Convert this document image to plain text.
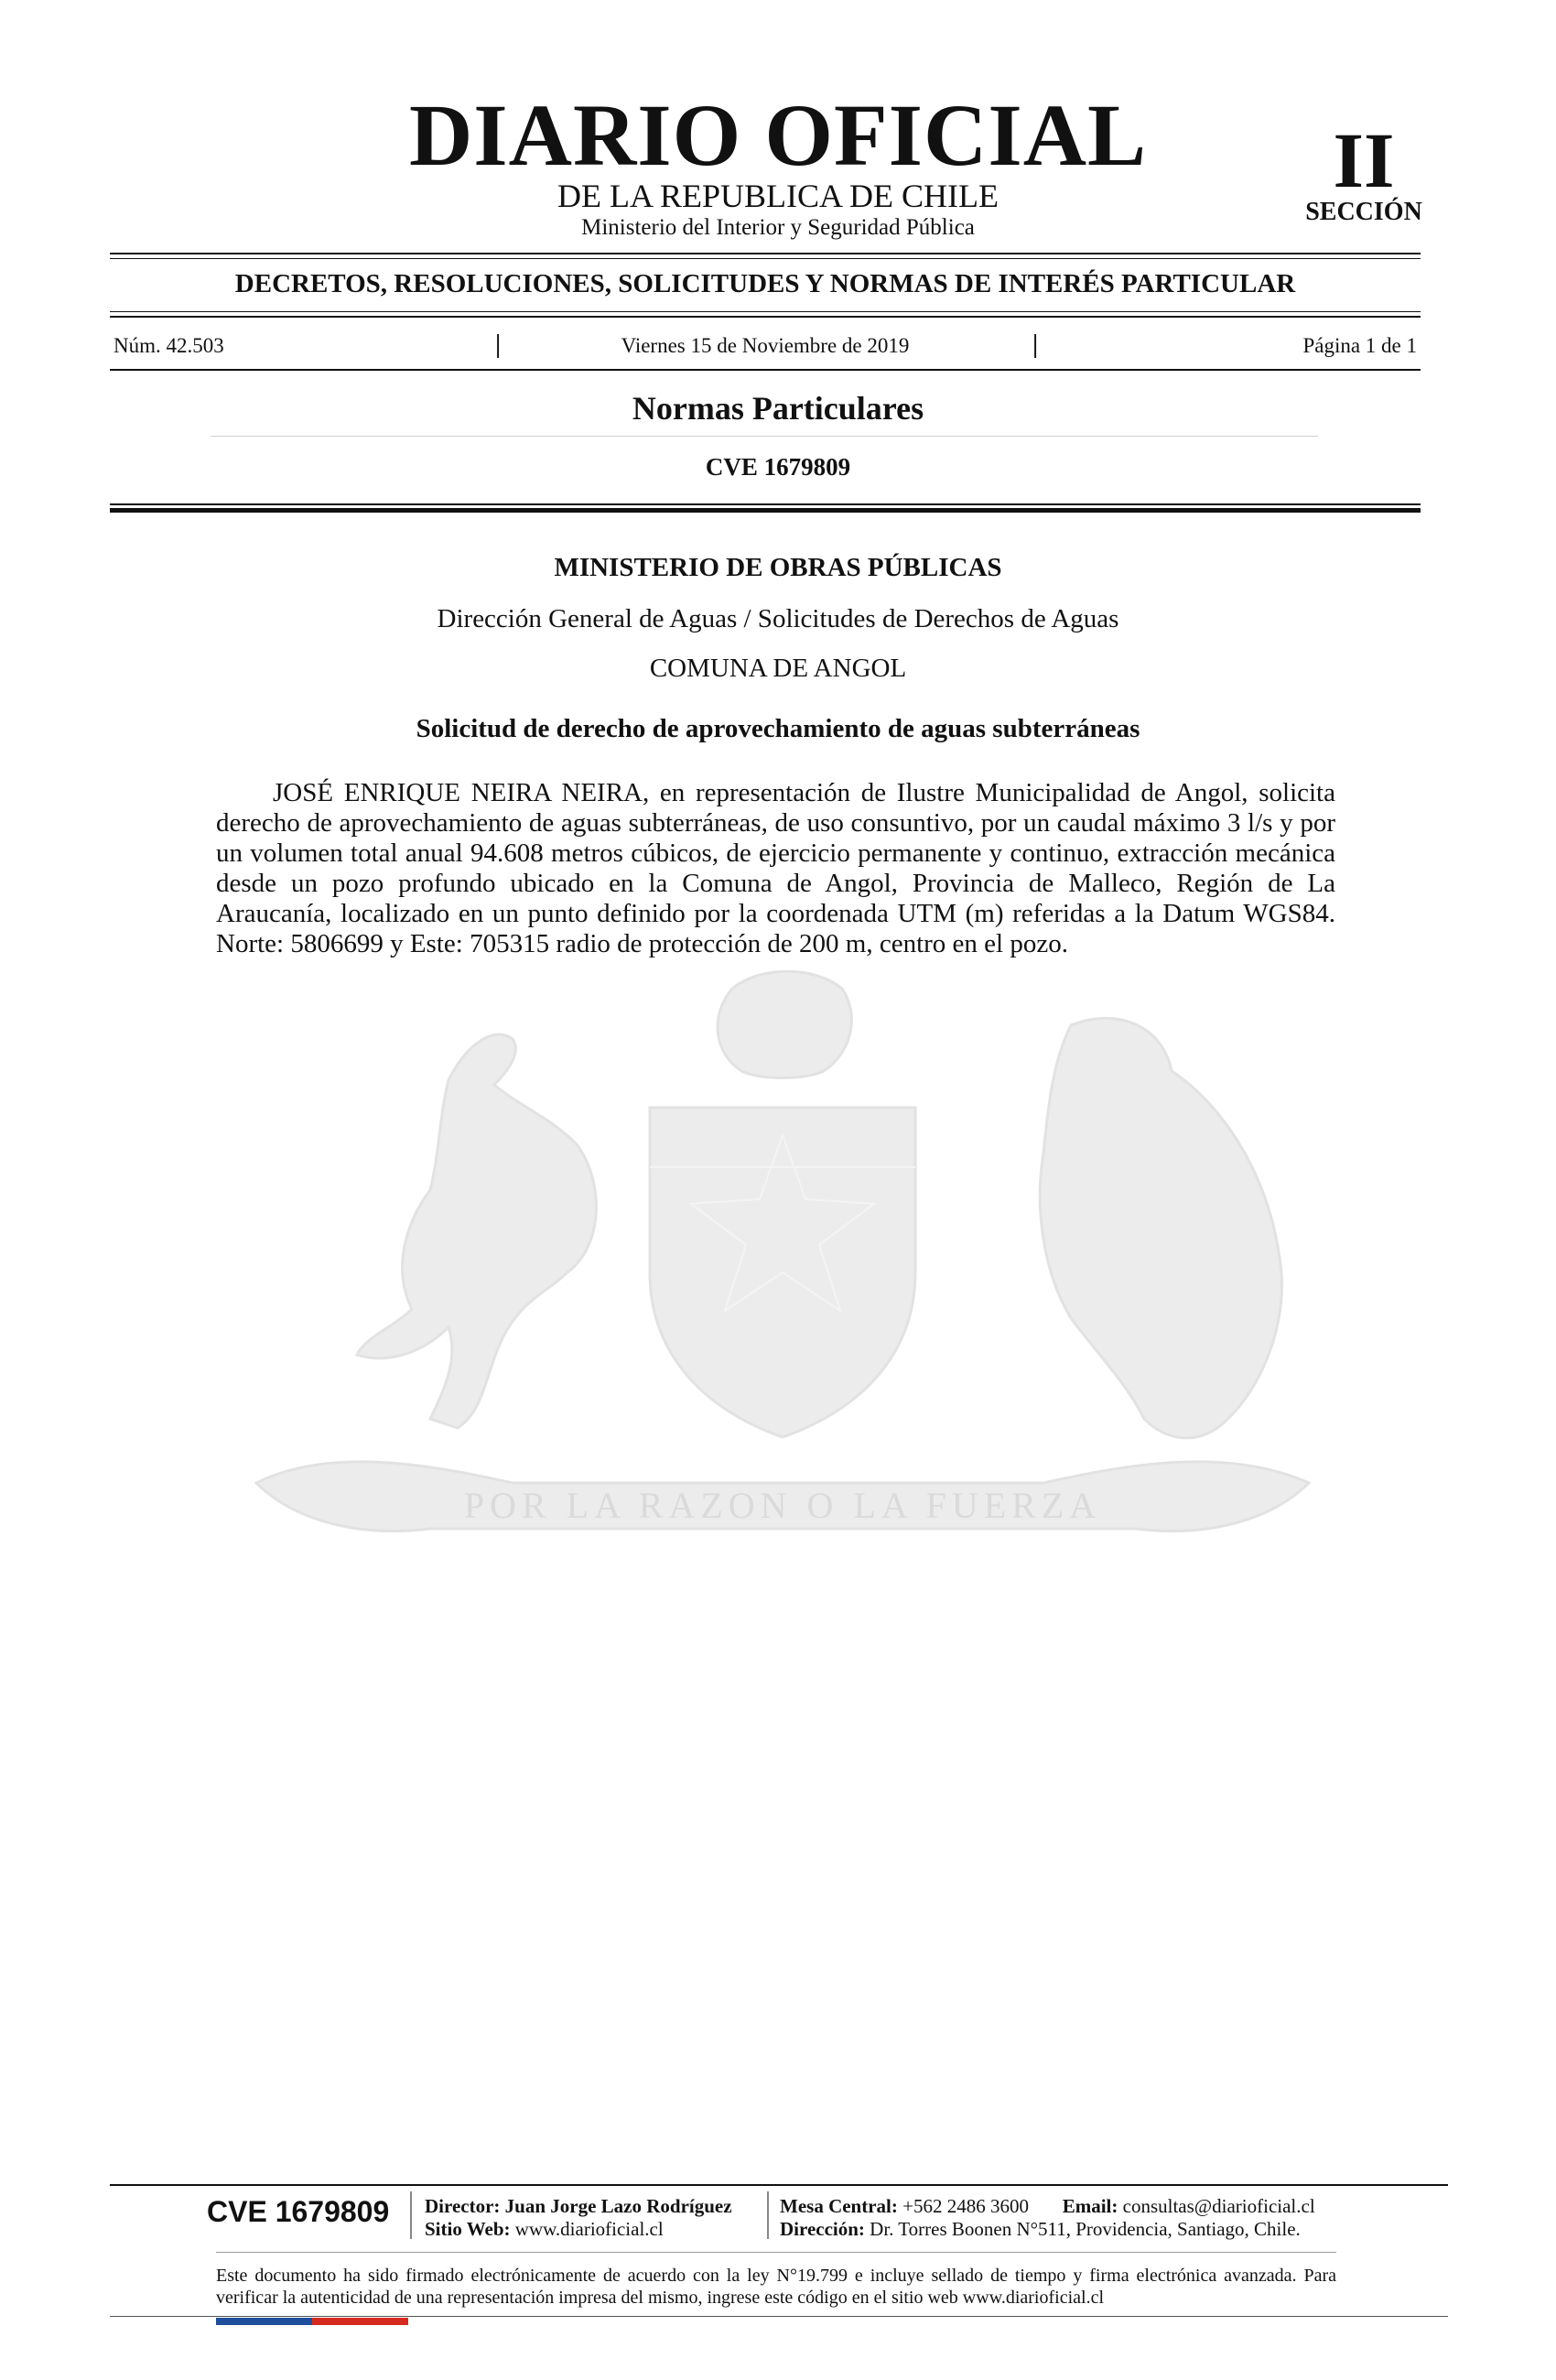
DIARIO OFICIAL
DE LA REPUBLICA DE CHILE
Ministerio del Interior y Seguridad Pública
II
SECCIÓN
DECRETOS, RESOLUCIONES, SOLICITUDES Y NORMAS DE INTERÉS PARTICULAR
Núm. 42.503	|	Viernes 15 de Noviembre de 2019	|	Página 1 de 1
Normas Particulares
CVE 1679809
POR LA RAZON O LA FUERZA
MINISTERIO DE OBRAS PÚBLICAS
Dirección General de Aguas / Solicitudes de Derechos de Aguas
COMUNA DE ANGOL
Solicitud de derecho de aprovechamiento de aguas subterráneas

JOSÉ ENRIQUE NEIRA NEIRA, en representación de Ilustre Municipalidad de Angol, solicita derecho de aprovechamiento de aguas subterráneas, de uso consuntivo, por un caudal máximo 3 l/s y por un volumen total anual 94.608 metros cúbicos, de ejercicio permanente y continuo, extracción mecánica desde un pozo profundo ubicado en la Comuna de Angol, Provincia de Malleco, Región de La Araucanía, localizado en un punto definido por la coordenada UTM (m) referidas a la Datum WGS84. Norte: 5806699 y Este: 705315 radio de protección de 200 m, centro en el pozo.

CVE 1679809	Director: Juan Jorge Lazo Rodríguez
Sitio Web: www.diarioficial.cl
Mesa Central: +562 2486 3600 Email: consultas@diarioficial.cl
Dirección: Dr. Torres Boonen N°511, Providencia, Santiago, Chile.

Este documento ha sido firmado electrónicamente de acuerdo con la ley N°19.799 e incluye sellado de tiempo y firma electrónica avanzada. Para verificar la autenticidad de una representación impresa del mismo, ingrese este código en el sitio web www.diarioficial.cl
